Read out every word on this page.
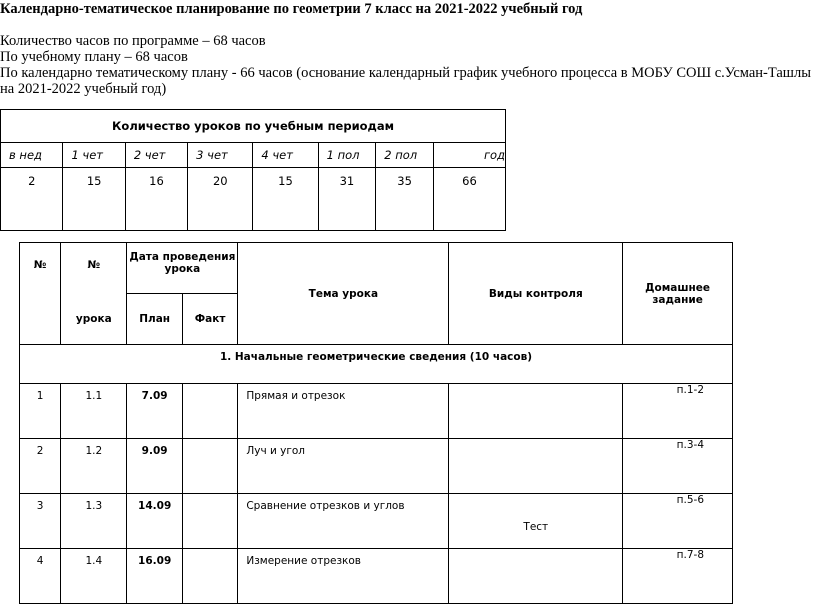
Календарно-тематическое планирование по геометрии 7 класс на 2021-2022 учебный год
Количество часов по программе – 68 часов
По учебному плану – 68 часов
По календарно тематическому плану - 66 часов (основание календарный график учебного процесса в МОБУ СОШ с.Усман-Ташлы
на 2021-2022 учебный год)
Количество уроков по учебным периодам							
в нед	1 чет	2 чет	3 чет	4 чет	1 пол	2 пол	год
2	15	16	20	15	31	35	66
№	№	Дата проведения урока		Тема урока	Виды контроля	Домашнее задание
	урока	План	Факт			
1. Начальные геометрические сведения (10 часов)						
1	1.1	7.09		Прямая и отрезок		п.1-2
2	1.2	9.09		Луч и угол		п.3-4
3	1.3	14.09		Сравнение отрезков и углов	Тест	п.5-6
4	1.4	16.09		Измерение отрезков		п.7-8
